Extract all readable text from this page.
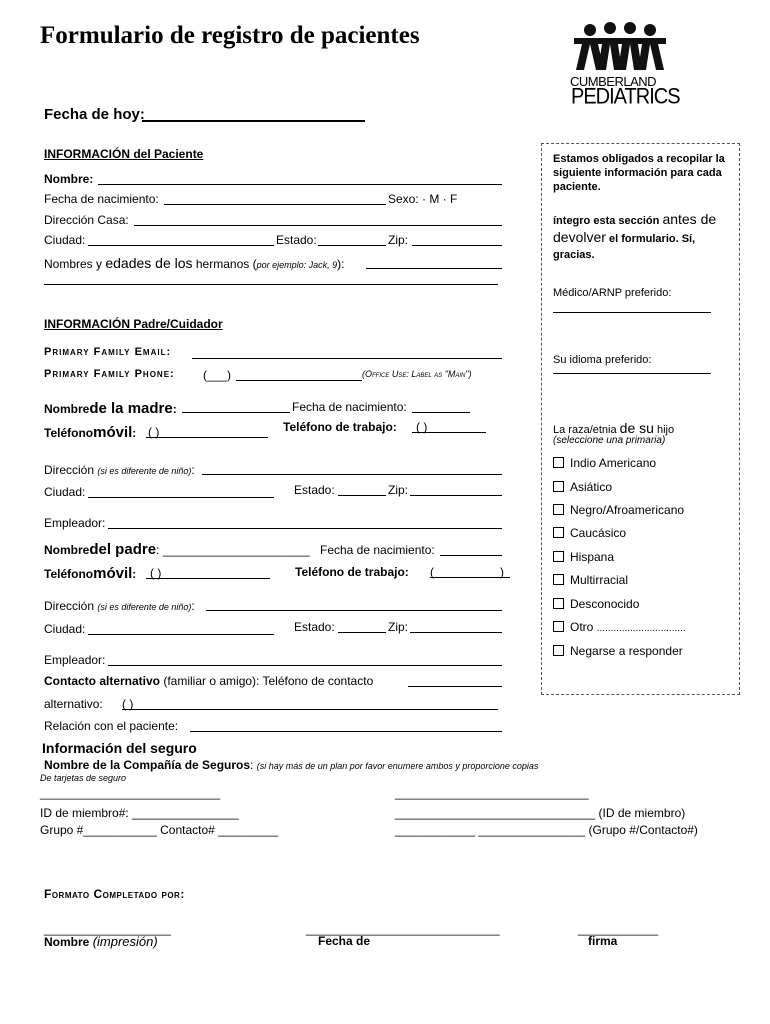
Formulario de registro de pacientes
CUMBERLAND
PEDIATRICS
Fecha de hoy:
INFORMACIÓN del Paciente
Nombre:
Fecha de nacimiento:	Sexo: · M · F
Dirección Casa:
Ciudad:	Estado:	Zip:
Nombres y edades de los hermanos (por ejemplo: Jack, 9):
INFORMACIÓN Padre/Cuidador
Primary Family Email:
Primary Family Phone: (___)	(Office Use: Label as "Main")
Nombrede la madre:	Fecha de nacimiento:
Teléfonomóvil: ( )	Teléfono de trabajo: ( )
Dirección (si es diferente de niño):
Ciudad:	Estado:	Zip:
Empleador:
Nombredel padre: ______________________ Fecha de nacimiento:
Teléfonomóvil: ( )	Teléfono de trabajo: (	)
Dirección (si es diferente de niño):
Ciudad:	Estado:	Zip:
Empleador:
Contacto alternativo (familiar o amigo): Teléfono de contacto
alternativo: ( )
Relación con el paciente:
Información del seguro
Nombre de la Compañía de Seguros: (si hay más de un plan por favor enumere ambos y proporcione copias
De tarjetas de seguro
___________________________
ID de miembro#: ________________
Grupo #___________ Contacto# _________
_____________________________
______________________________ (ID de miembro)
____________ ________________ (Grupo #/Contacto#)
Formato Completado por:
___________________	_____________________________	____________
Nombre (impresión)	Fecha de	firma
Estamos obligados a recopilar la siguiente información para cada paciente.
íntegro esta sección antes de devolver el formulario. Sí, gracias.
Médico/ARNP preferido:
Su idioma preferido:
La raza/etnia de su hijo
(seleccione una primaria)
Indio Americano
Asiático
Negro/Afroamericano
Caucásico
Hispana
Multirracial
Desconocido
Otro ................................
Negarse a responder
